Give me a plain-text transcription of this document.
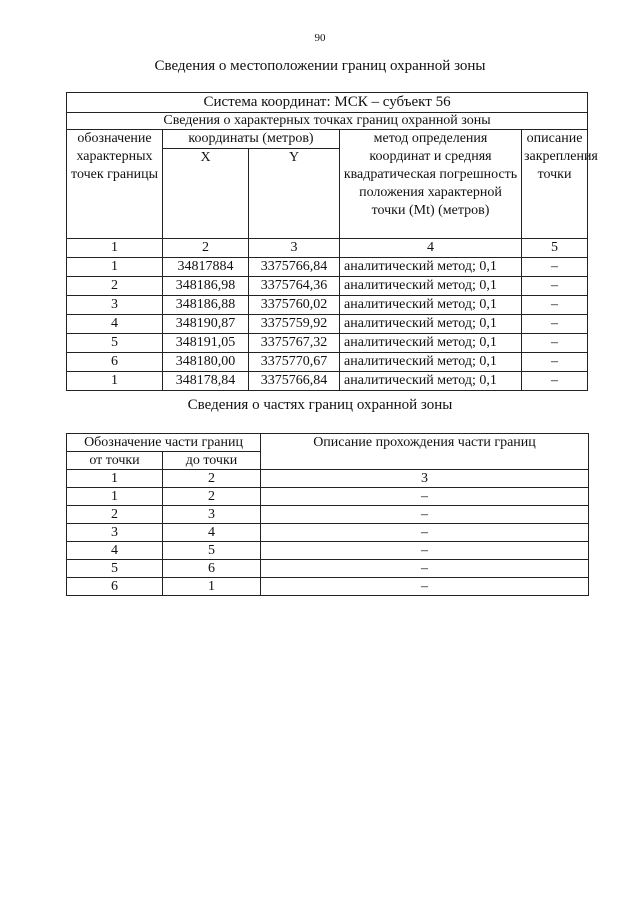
90
Сведения о местоположении границ охранной зоны
Система координат: МСК – субъект 56				
Сведения о характерных точках границ охранной зоны				
обозначение характерных точек границы	координаты (метров)		метод определения координат и средняя квадратическая погрешность положения характерной точки (Mt) (метров)	описание закрепления точки
	X	Y		
1	2	3	4	5
1	34817884	3375766,84	аналитический метод; 0,1	–
2	348186,98	3375764,36	аналитический метод; 0,1	–
3	348186,88	3375760,02	аналитический метод; 0,1	–
4	348190,87	3375759,92	аналитический метод; 0,1	–
5	348191,05	3375767,32	аналитический метод; 0,1	–
6	348180,00	3375770,67	аналитический метод; 0,1	–
1	348178,84	3375766,84	аналитический метод; 0,1	–
Сведения о частях границ охранной зоны
Обозначение части границ		Описание прохождения части границ
от точки	до точки	
1	2	3
1	2	–
2	3	–
3	4	–
4	5	–
5	6	–
6	1	–
